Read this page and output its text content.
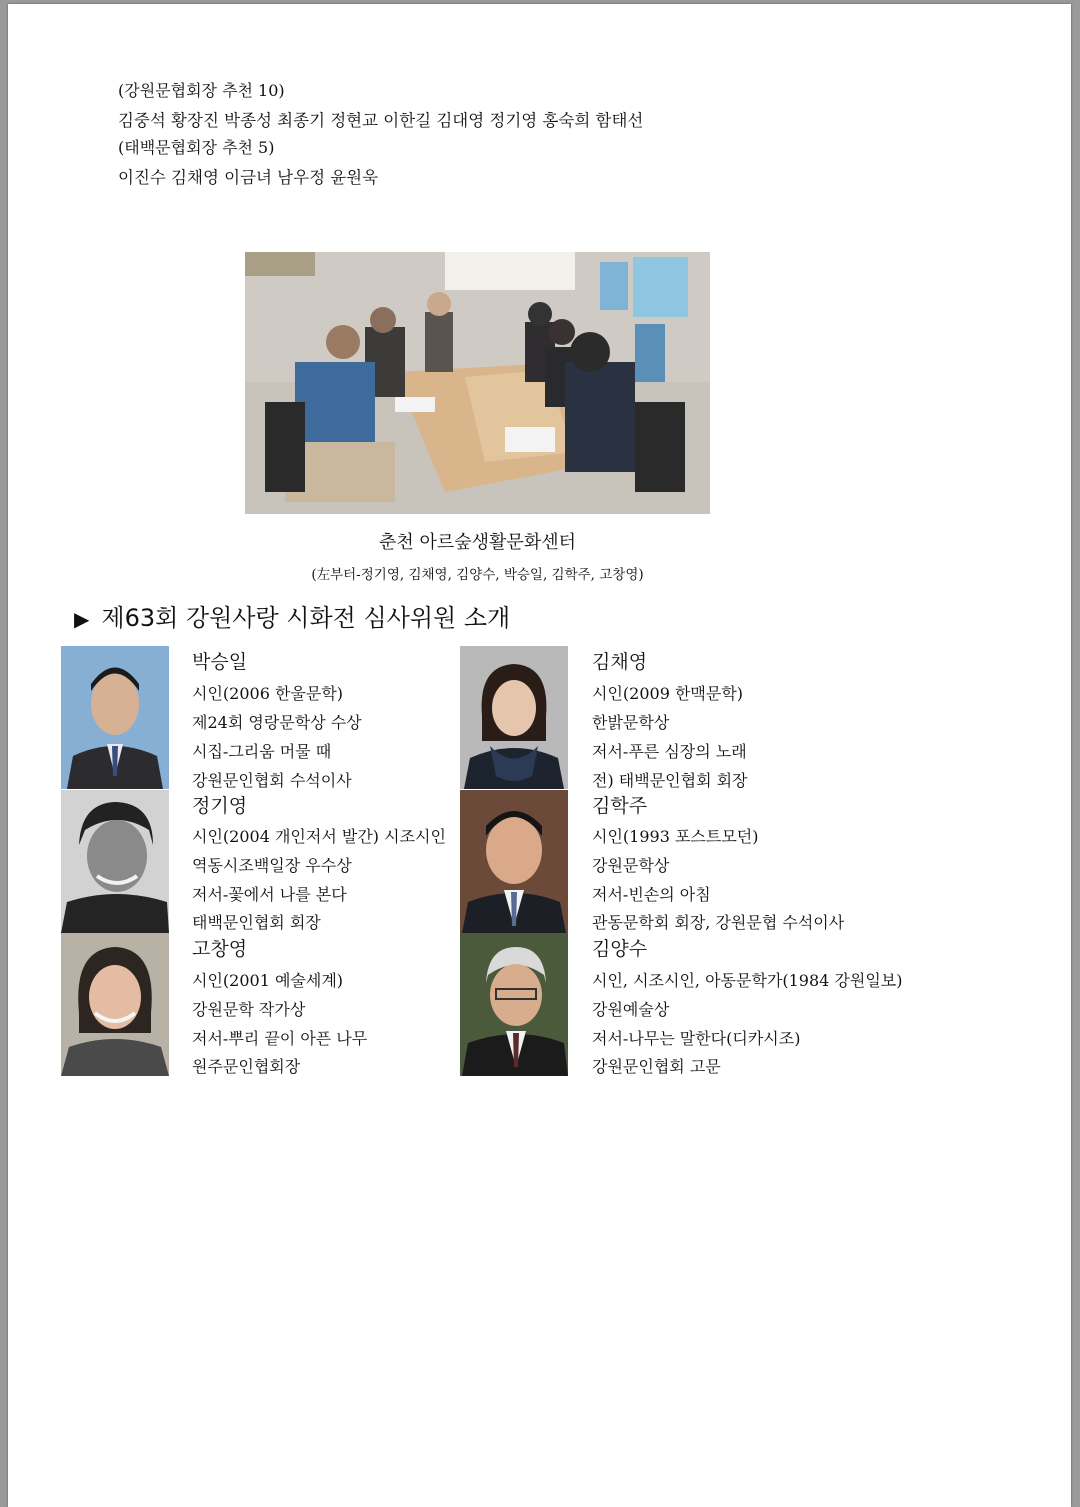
(강원문협회장 추천 10)
김중석 황장진 박종성 최종기 정현교 이한길 김대영 정기영 홍숙희 함태선
(태백문협회장 추천 5)
이진수 김채영 이금녀 남우정 윤원욱
춘천 아르숲생활문화센터
(左부터-정기영, 김채영, 김양수, 박승일, 김학주, 고창영)
▶ 제63회 강원사랑 시화전 심사위원 소개
박승일
시인(2006 한울문학)
제24회 영랑문학상 수상
시집-그리움 머물 때
강원문인협회 수석이사
김채영
시인(2009 한맥문학)
한밝문학상
저서-푸른 심장의 노래
전) 태백문인협회 회장
정기영
시인(2004 개인저서 발간) 시조시인
역동시조백일장 우수상
저서-꽃에서 나를 본다
태백문인협회 회장
김학주
시인(1993 포스트모던)
강원문학상
저서-빈손의 아침
관동문학회 회장, 강원문협 수석이사
고창영
시인(2001 예술세계)
강원문학 작가상
저서-뿌리 끝이 아픈 나무
원주문인협회장
김양수
시인, 시조시인, 아동문학가(1984 강원일보)
강원예술상
저서-나무는 말한다(디카시조)
강원문인협회 고문
